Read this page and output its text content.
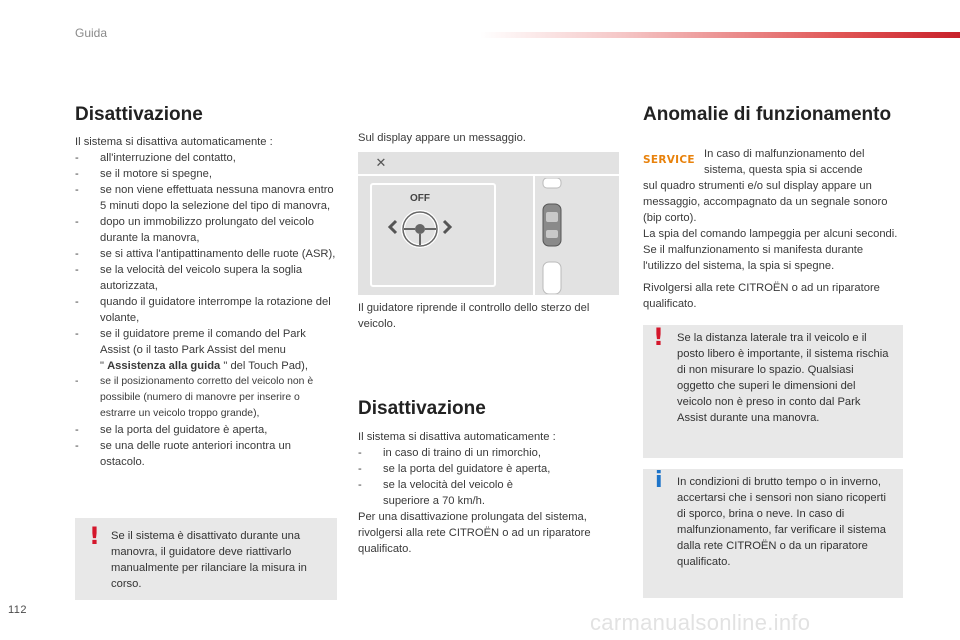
Guida
Disattivazione
Il sistema si disattiva automaticamente :
- all'interruzione del contatto,
- se il motore si spegne,
- se non viene effettuata nessuna manovra entro 5 minuti dopo la selezione del tipo di manovra,
- dopo un immobilizzo prolungato del veicolo durante la manovra,
- se si attiva l'antipattinamento delle ruote (ASR),
- se la velocità del veicolo supera la soglia autorizzata,
- quando il guidatore interrompe la rotazione del volante,
- se il guidatore preme il comando del Park Assist (o il tasto Park Assist del menu
" Assistenza alla guida " del Touch Pad),
- se il posizionamento corretto del veicolo non è possibile (numero di manovre per inserire o estrarre un veicolo troppo grande),
- se la porta del guidatore è aperta,
- se una delle ruote anteriori incontra un ostacolo.
! Se il sistema è disattivato durante una manovra, il guidatore deve riattivarlo manualmente per rilanciare la misura in corso.
Sul display appare un messaggio.
✕
OFF
Il guidatore riprende il controllo dello sterzo del veicolo.
Disattivazione
Il sistema si disattiva automaticamente :
- in caso di traino di un rimorchio,
- se la porta del guidatore è aperta,
- se la velocità del veicolo è superiore a 70 km/h.
Per una disattivazione prolungata del sistema, rivolgersi alla rete CITROËN o ad un riparatore qualificato.
Anomalie di funzionamento
SERVICE In caso di malfunzionamento del sistema, questa spia si accende
sul quadro strumenti e/o sul display appare un messaggio, accompagnato da un segnale sonoro (bip corto).
La spia del comando lampeggia per alcuni secondi. Se il malfunzionamento si manifesta durante l'utilizzo del sistema, la spia si spegne.
Rivolgersi alla rete CITROËN o ad un riparatore qualificato.
! Se la distanza laterale tra il veicolo e il posto libero è importante, il sistema rischia di non misurare lo spazio. Qualsiasi oggetto che superi le dimensioni del veicolo non è preso in conto dal Park Assist durante una manovra.
i In condizioni di brutto tempo o in inverno, accertarsi che i sensori non siano ricoperti di sporco, brina o neve. In caso di malfunzionamento, far verificare il sistema dalla rete CITROËN o da un riparatore qualificato.
112	carmanualsonline.info
